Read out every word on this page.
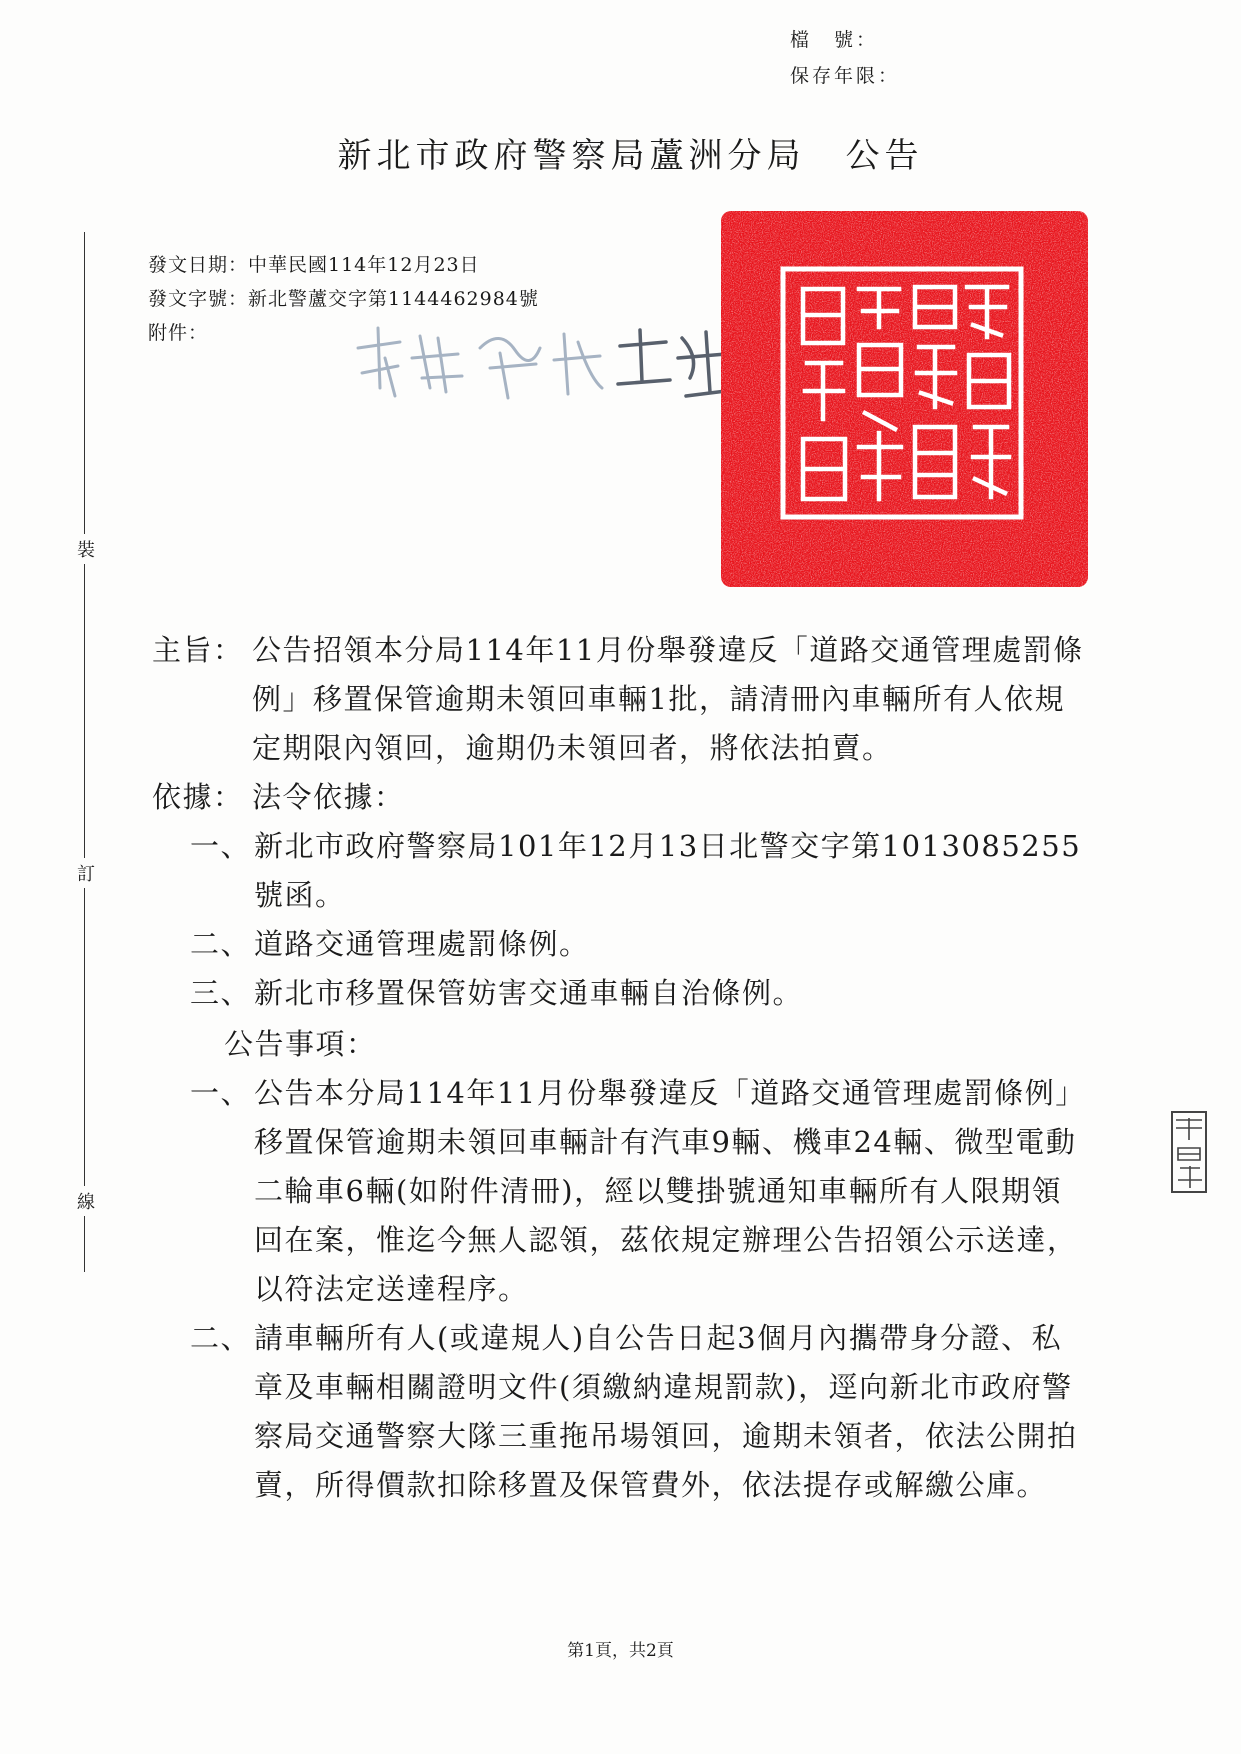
檔　號：
保存年限：
新北市政府警察局蘆洲分局 公告
裝
訂
線
發文日期：中華民國114年12月23日
發文字號：新北警蘆交字第1144462984號
附件：
主旨： 公告招領本分局114年11月份舉發違反「道路交通管理處罰條例」移置保管逾期未領回車輛1批，請清冊內車輛所有人依規定期限內領回，逾期仍未領回者，將依法拍賣。
依據： 法令依據：
一、 新北市政府警察局101年12月13日北警交字第1013085255號函。
二、 道路交通管理處罰條例。
三、 新北市移置保管妨害交通車輛自治條例。
公告事項：
一、 公告本分局114年11月份舉發違反「道路交通管理處罰條例」移置保管逾期未領回車輛計有汽車9輛、機車24輛、微型電動二輪車6輛(如附件清冊)，經以雙掛號通知車輛所有人限期領回在案，惟迄今無人認領，茲依規定辦理公告招領公示送達，以符法定送達程序。
二、 請車輛所有人(或違規人)自公告日起3個月內攜帶身分證、私章及車輛相關證明文件(須繳納違規罰款)，逕向新北市政府警察局交通警察大隊三重拖吊場領回，逾期未領者，依法公開拍賣，所得價款扣除移置及保管費外，依法提存或解繳公庫。
第1頁，共2頁
